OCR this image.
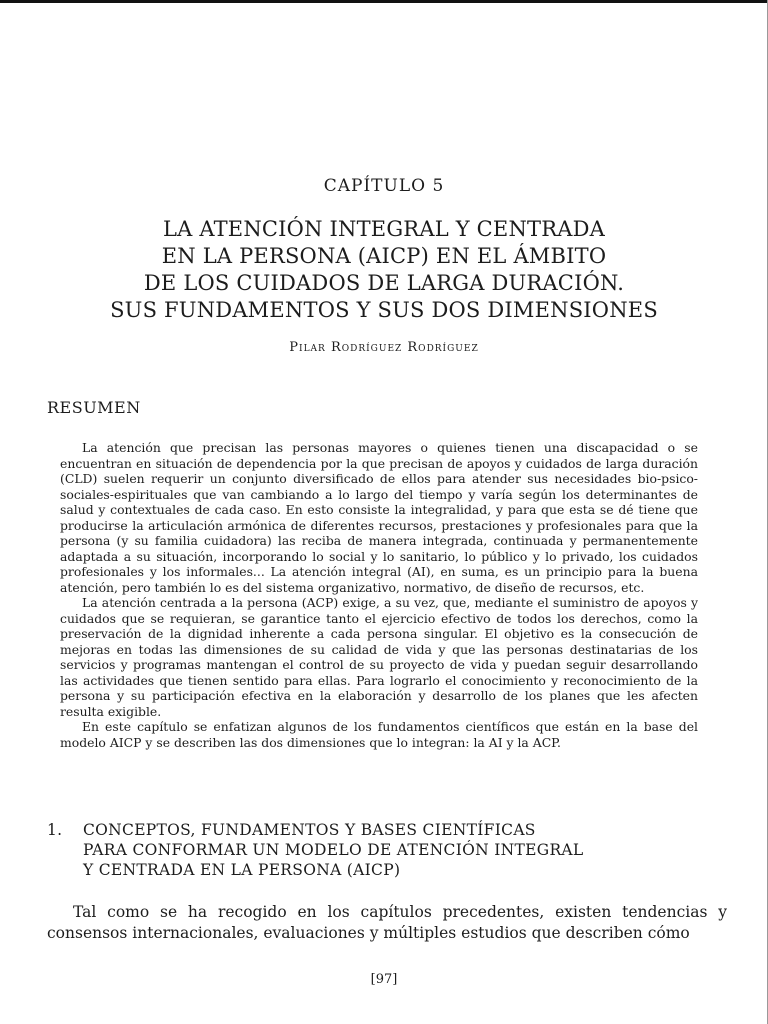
CAPÍTULO 5
LA ATENCIÓN INTEGRAL Y CENTRADA
EN LA PERSONA (AICP) EN EL ÁMBITO
DE LOS CUIDADOS DE LARGA DURACIÓN.
SUS FUNDAMENTOS Y SUS DOS DIMENSIONES
Pilar Rodríguez Rodríguez
RESUMEN

La atención que precisan las personas mayores o quienes tienen una discapacidad o se encuentran en situación de dependencia por la que precisan de apoyos y cuidados de larga duración (CLD) suelen requerir un conjunto diversificado de ellos para atender sus necesidades bio-psico-sociales-espirituales que van cambiando a lo largo del tiempo y varía según los determinantes de salud y contextuales de cada caso. En esto consiste la integralidad, y para que esta se dé tiene que producirse la articulación armónica de diferentes recursos, prestaciones y profesionales para que la persona (y su familia cuidadora) las reciba de manera integrada, continuada y permanentemente adaptada a su situación, incorporando lo social y lo sanitario, lo público y lo privado, los cuidados profesionales y los informales... La atención integral (AI), en suma, es un principio para la buena atención, pero también lo es del sistema organizativo, normativo, de diseño de recursos, etc.

La atención centrada a la persona (ACP) exige, a su vez, que, mediante el suministro de apoyos y cuidados que se requieran, se garantice tanto el ejercicio efectivo de todos los derechos, como la preservación de la dignidad inherente a cada persona singular. El objetivo es la consecución de mejoras en todas las dimensiones de su calidad de vida y que las personas destinatarias de los servicios y programas mantengan el control de su proyecto de vida y puedan seguir desarrollando las actividades que tienen sentido para ellas. Para lograrlo el conocimiento y reconocimiento de la persona y su participación efectiva en la elaboración y desarrollo de los planes que les afecten resulta exigible.

En este capítulo se enfatizan algunos de los fundamentos científicos que están en la base del modelo AICP y se describen las dos dimensiones que lo integran: la AI y la ACP.

1. CONCEPTOS, FUNDAMENTOS Y BASES CIENTÍFICAS
PARA CONFORMAR UN MODELO DE ATENCIÓN INTEGRAL
Y CENTRADA EN LA PERSONA (AICP)

Tal como se ha recogido en los capítulos precedentes, existen tendencias y consensos internacionales, evaluaciones y múltiples estudios que describen cómo

[97]
